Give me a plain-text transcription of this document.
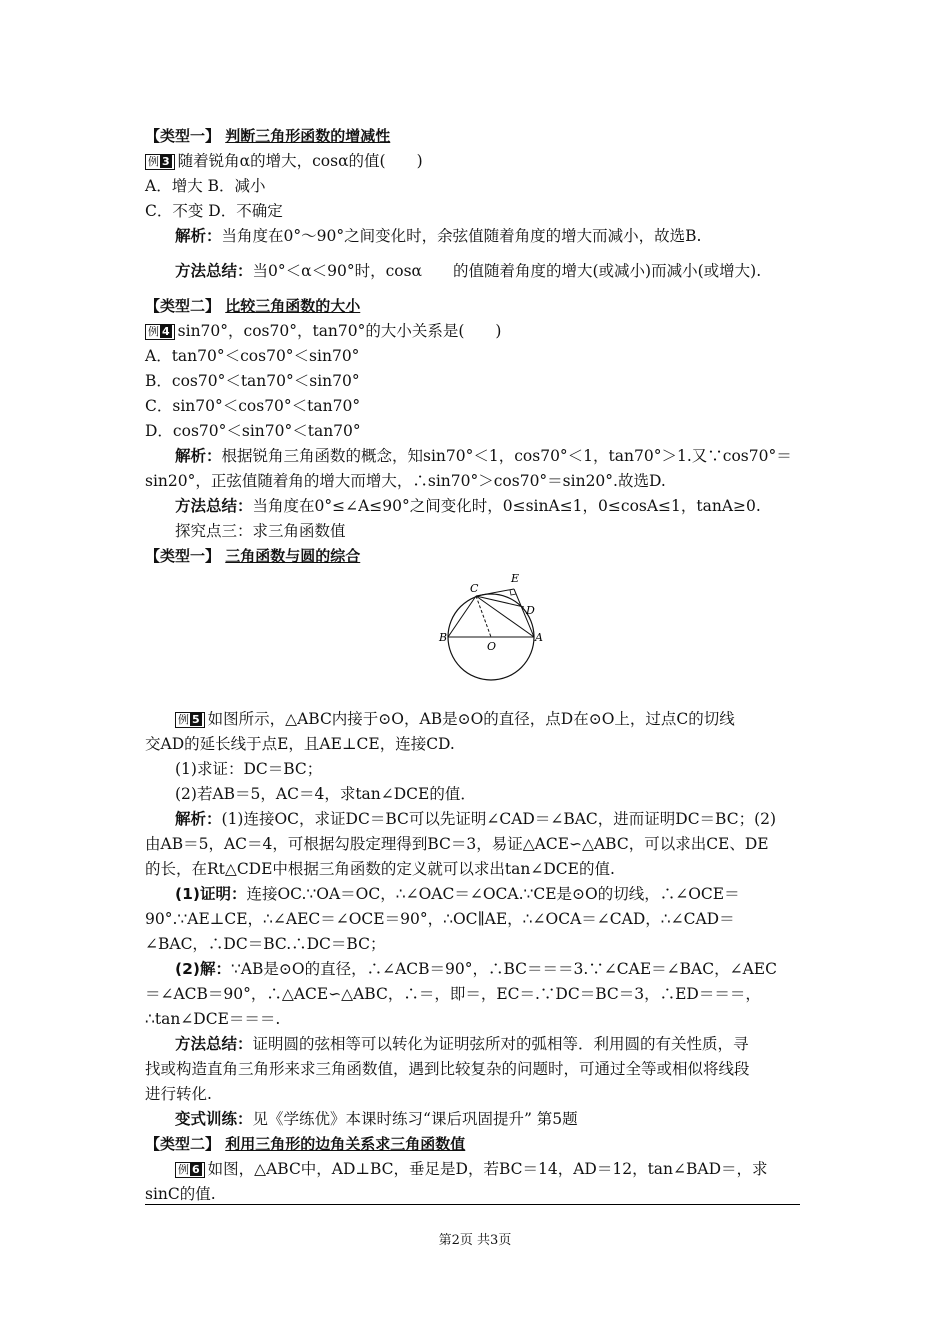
【类型一】 判断三角形函数的增减性
例 3 随着锐角α的增大，cosα的值(　　)
A．增大 B．减小
C．不变 D．不确定
解析：当角度在0°～90°之间变化时，余弦值随着角度的增大而减小，故选B.
方法总结：当0°＜α＜90°时，cosα　　的值随着角度的增大(或减小)而减小(或增大).
【类型二】 比较三角函数的大小
例 4 sin70°，cos70°，tan70°的大小关系是(　　)
A．tan70°＜cos70°＜sin70°
B．cos70°＜tan70°＜sin70°
C．sin70°＜cos70°＜tan70°
D．cos70°＜sin70°＜tan70°
解析：根据锐角三角函数的概念，知sin70°＜1，cos70°＜1，tan70°＞1.又∵cos70°＝
sin20°，正弦值随着角的增大而增大，∴sin70°＞cos70°＝sin20°.故选D.
方法总结：当角度在0°≤∠A≤90°之间变化时，0≤sinA≤1，0≤cosA≤1，tanA≥0.
探究点三：求三角函数值
【类型一】 三角函数与圆的综合
例 5 如图所示，△ABC内接于⊙O，AB是⊙O的直径，点D在⊙O上，过点C的切线
交AD的延长线于点E，且AE⊥CE，连接CD.
(1)求证：DC＝BC；
(2)若AB＝5，AC＝4，求tan∠DCE的值．
解析：(1)连接OC，求证DC＝BC可以先证明∠CAD＝∠BAC，进而证明DC＝BC；(2)
由AB＝5，AC＝4，可根据勾股定理得到BC＝3，易证△ACE∽△ABC，可以求出CE、DE
的长，在Rt△CDE中根据三角函数的定义就可以求出tan∠DCE的值.
(1)证明：连接OC.∵OA＝OC，∴∠OAC＝∠OCA.∵CE是⊙O的切线，∴∠OCE＝
90°.∵AE⊥CE，∴∠AEC＝∠OCE＝90°，∴OC∥AE，∴∠OCA＝∠CAD，∴∠CAD＝
∠BAC，∴DC＝BC.∴DC＝BC；
(2)解：∵AB是⊙O的直径，∴∠ACB＝90°，∴BC＝＝＝3.∵∠CAE＝∠BAC，∠AEC
＝∠ACB＝90°，∴△ACE∽△ABC，∴＝，即＝，EC＝.∵DC＝BC＝3，∴ED＝＝＝，
∴tan∠DCE＝＝＝.
方法总结：证明圆的弦相等可以转化为证明弦所对的弧相等．利用圆的有关性质，寻
找或构造直角三角形来求三角函数值，遇到比较复杂的问题时，可通过全等或相似将线段
进行转化.
变式训练：见《学练优》本课时练习“课后巩固提升” 第5题
【类型二】 利用三角形的边角关系求三角函数值
例 6 如图，△ABC中，AD⊥BC，垂足是D，若BC＝14，AD＝12，tan∠BAD＝，求
sinC的值.
C
E
D
B	A
O
第2页 共3页
